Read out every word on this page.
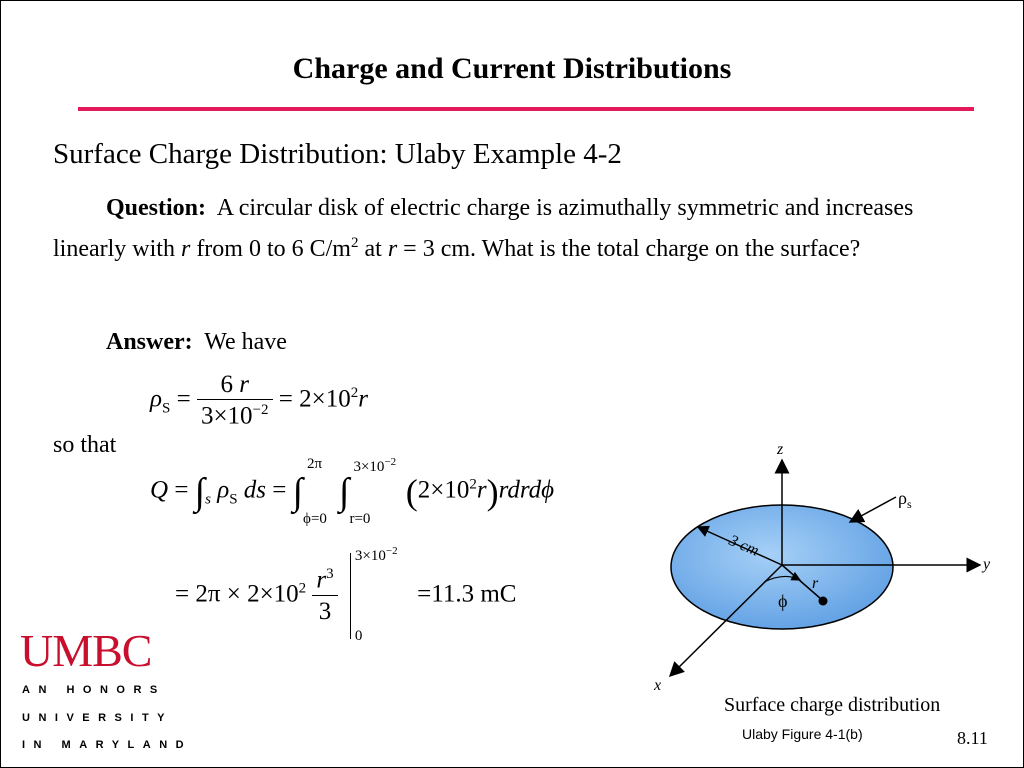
Charge and Current Distributions
Surface Charge Distribution: Ulaby Example 4-2
Question: A circular disk of electric charge is azimuthally symmetric and increases linearly with r from 0 to 6 $C/m^2$ at r = 3 cm. What is the total charge on the surface?
Answer: We have
$\rho_S = \frac{6 r}{3\times 10^{-2}} = 2\times 10^2r$
so that
$Q = \int_s$ $\rho_S$ ds = ∫
2π
ϕ=0
∫
$3\times 10^{-2}$
r=0
$(2\times 10^2r)rdrd\phi$
= $2\pi \times 2\times 10^2 \frac{r^3}{3}$

$3\times 10^{-2}$
0
=11.3 mC
z
y
x
3 cm
r
ϕ
$\rho_s$
Surface charge distribution
Ulaby Figure 4-1(b)	8.11
UMBC
AN HONORS
UNIVERSITY
IN MARYLAND
